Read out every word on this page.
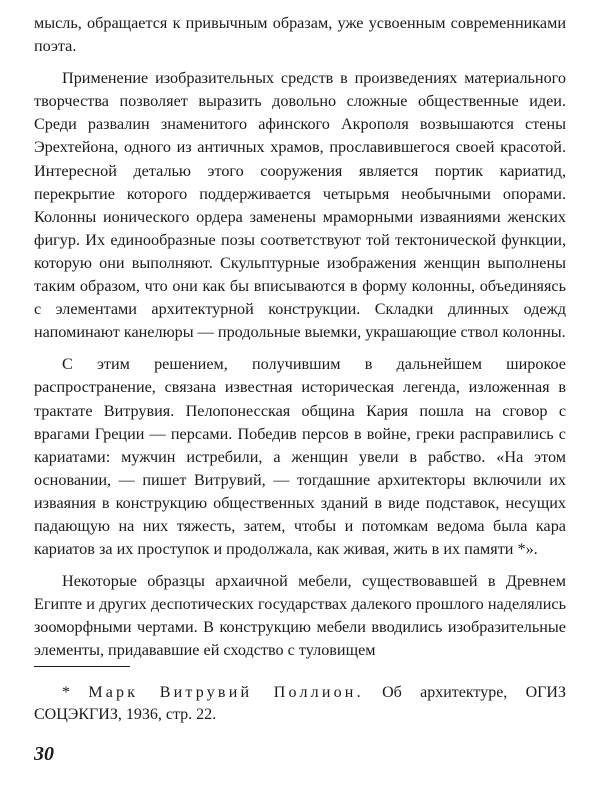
мысль, обращается к привычным образам, уже усвоенным современниками поэта.

Применение изобразительных средств в произведениях материального творчества позволяет выразить довольно сложные общественные идеи. Среди развалин знаменитого афинского Акрополя возвышаются стены Эрехтейона, одного из античных храмов, прославившегося своей красотой. Интересной деталью этого сооружения является портик кариатид, перекрытие которого поддерживается четырьмя необычными опорами. Колонны ионического ордера заменены мраморными изваяниями женских фигур. Их единообразные позы соответствуют той тектонической функции, которую они выполняют. Скульптурные изображения женщин выполнены таким образом, что они как бы вписываются в форму колонны, объединяясь с элементами архитектурной конструкции. Складки длинных одежд напоминают канелюры — продольные выемки, украшающие ствол колонны.

С этим решением, получившим в дальнейшем широкое распространение, связана известная историческая легенда, изложенная в трактате Витрувия. Пелопонесская община Кария пошла на сговор с врагами Греции — персами. Победив персов в войне, греки расправились с кариатами: мужчин истребили, а женщин увели в рабство. «На этом основании, — пишет Витрувий, — тогдашние архитекторы включили их изваяния в конструкцию общественных зданий в виде подставок, несущих падающую на них тяжесть, затем, чтобы и потомкам ведома была кара кариатов за их проступок и продолжала, как живая, жить в их памяти *».

Некоторые образцы архаичной мебели, существовавшей в Древнем Египте и других деспотических государствах далекого прошлого наделялись зооморфными чертами. В конструкцию мебели вводились изобразительные элементы, придававшие ей сходство с туловищем

* Марк Витрувий Поллион. Об архитектуре, ОГИЗ СОЦЭКГИЗ, 1936, стр. 22.

30
